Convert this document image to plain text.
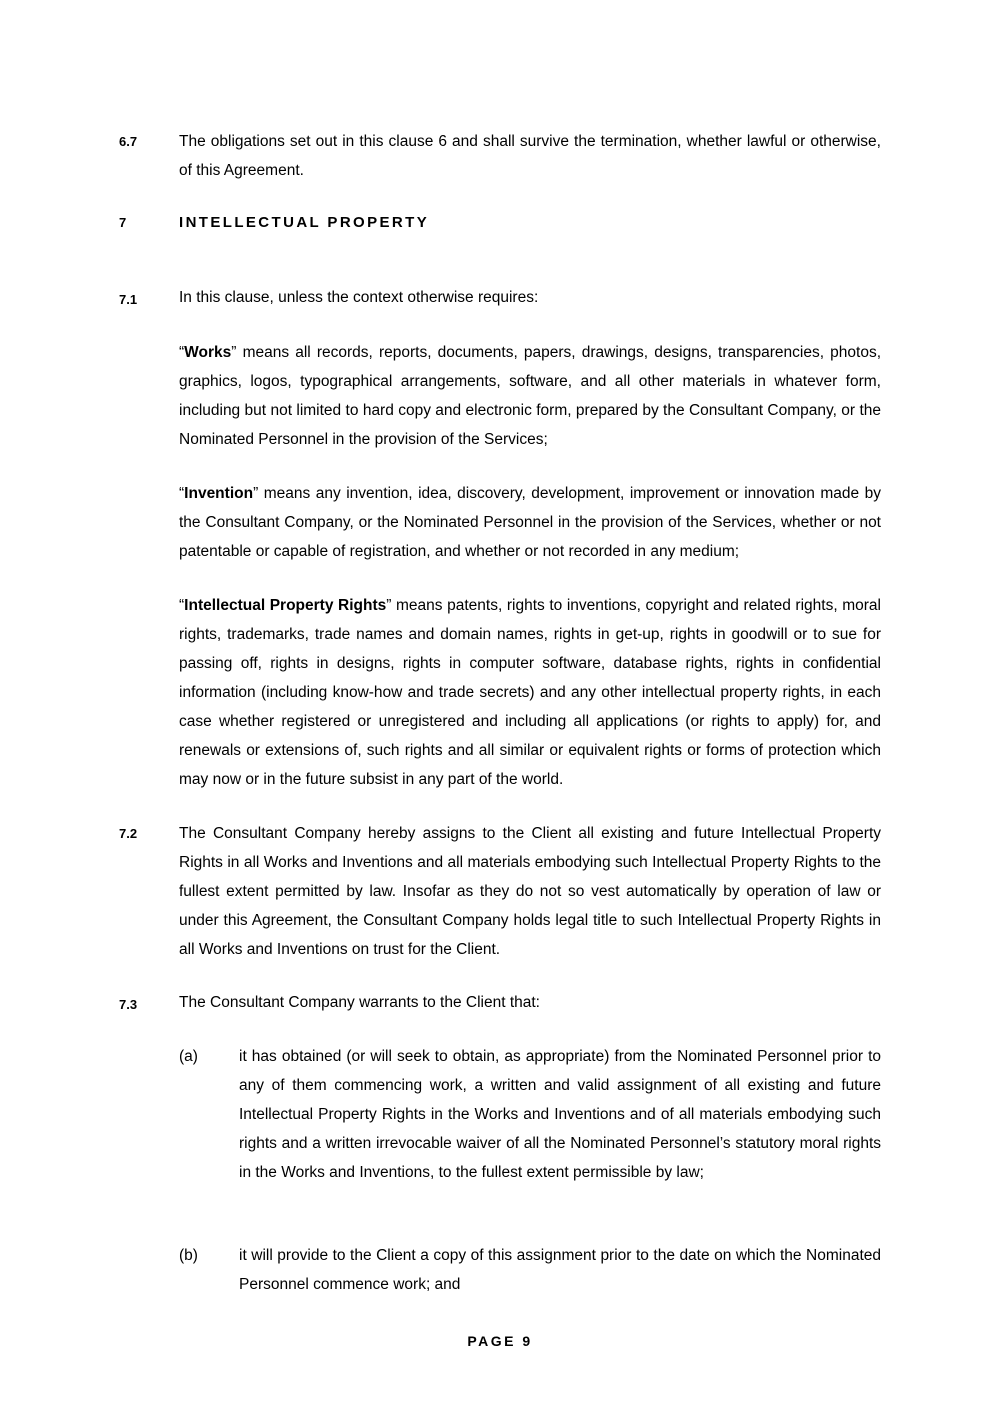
6.7	The obligations set out in this clause 6 and shall survive the termination, whether lawful or otherwise, of this Agreement.
7	INTELLECTUAL PROPERTY
7.1	In this clause, unless the context otherwise requires:
“Works” means all records, reports, documents, papers, drawings, designs, transparencies, photos, graphics, logos, typographical arrangements, software, and all other materials in whatever form, including but not limited to hard copy and electronic form, prepared by the Consultant Company, or the Nominated Personnel in the provision of the Services;
“Invention” means any invention, idea, discovery, development, improvement or innovation made by the Consultant Company, or the Nominated Personnel in the provision of the Services, whether or not patentable or capable of registration, and whether or not recorded in any medium;
“Intellectual Property Rights” means patents, rights to inventions, copyright and related rights, moral rights, trademarks, trade names and domain names, rights in get-up, rights in goodwill or to sue for passing off, rights in designs, rights in computer software, database rights, rights in confidential information (including know-how and trade secrets) and any other intellectual property rights, in each case whether registered or unregistered and including all applications (or rights to apply) for, and renewals or extensions of, such rights and all similar or equivalent rights or forms of protection which may now or in the future subsist in any part of the world.
7.2	The Consultant Company hereby assigns to the Client all existing and future Intellectual Property Rights in all Works and Inventions and all materials embodying such Intellectual Property Rights to the fullest extent permitted by law. Insofar as they do not so vest automatically by operation of law or under this Agreement, the Consultant Company holds legal title to such Intellectual Property Rights in all Works and Inventions on trust for the Client.
7.3	The Consultant Company warrants to the Client that:
(a)	it has obtained (or will seek to obtain, as appropriate) from the Nominated Personnel prior to any of them commencing work, a written and valid assignment of all existing and future Intellectual Property Rights in the Works and Inventions and of all materials embodying such rights and a written irrevocable waiver of all the Nominated Personnel’s statutory moral rights in the Works and Inventions, to the fullest extent permissible by law;
(b)	it will provide to the Client a copy of this assignment prior to the date on which the Nominated Personnel commence work; and
PAGE 9
